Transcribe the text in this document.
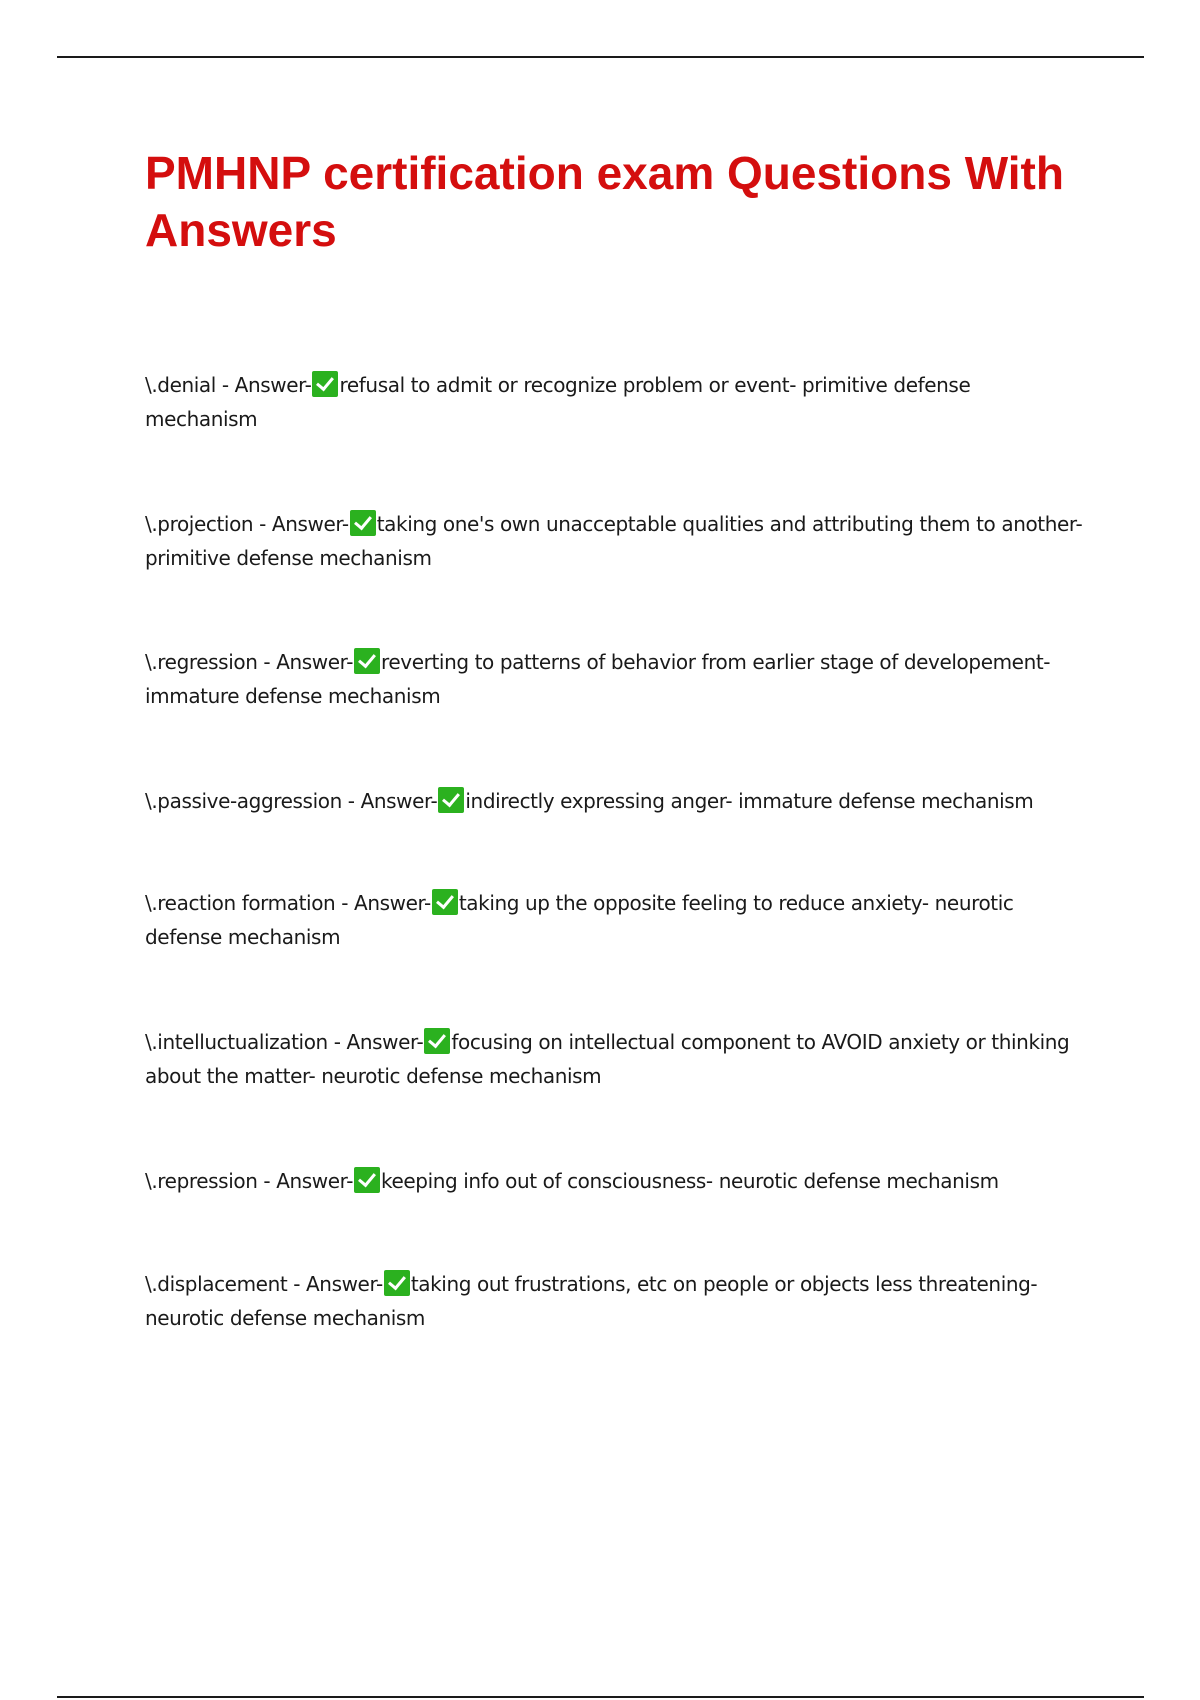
PMHNP certification exam Questions With Answers

\.denial - Answer- refusal to admit or recognize problem or event- primitive defense mechanism

\.projection - Answer- taking one's own unacceptable qualities and attributing them to another- primitive defense mechanism

\.regression - Answer- reverting to patterns of behavior from earlier stage of developement- immature defense mechanism

\.passive-aggression - Answer- indirectly expressing anger- immature defense mechanism

\.reaction formation - Answer- taking up the opposite feeling to reduce anxiety- neurotic defense mechanism

\.intelluctualization - Answer- focusing on intellectual component to AVOID anxiety or thinking about the matter- neurotic defense mechanism

\.repression - Answer- keeping info out of consciousness- neurotic defense mechanism

\.displacement - Answer- taking out frustrations, etc on people or objects less threatening- neurotic defense mechanism
